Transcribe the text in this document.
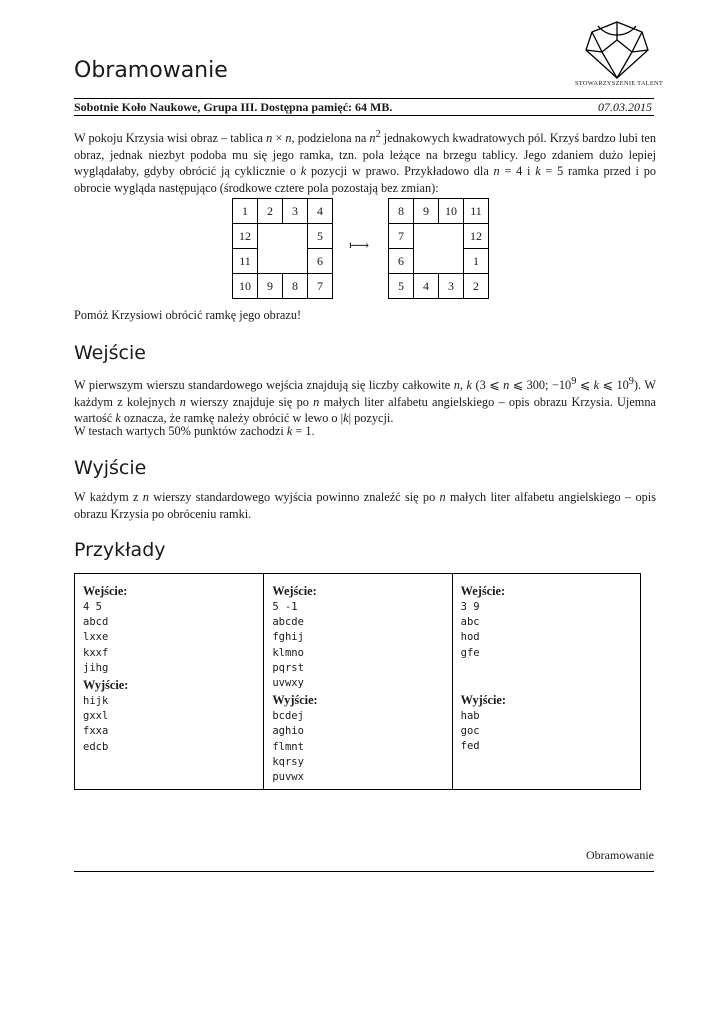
Obramowanie
STOWARZYSZENIE TALENT
Sobotnie Koło Naukowe, Grupa III. Dostępna pamięć: 64 MB.	07.03.2015
W pokoju Krzysia wisi obraz – tablica n × n, podzielona na $n^2$ jednakowych kwadratowych pól. Krzyś bardzo lubi ten obraz, jednak niezbyt podoba mu się jego ramka, tzn. pola leżące na brzegu tablicy. Jego zdaniem dużo lepiej wyglądałaby, gdyby obrócić ją cyklicznie o k pozycji w prawo. Przykładowo dla n = 4 i k = 5 ramka przed i po obrocie wygląda następująco (środkowe cztere pola pozostają bez zmian):
1	2	3	4
12			5
11			6
10	9	8	7
⟼
8	9	10	11
7			12
6			1
5	4	3	2
Pomóż Krzysiowi obrócić ramkę jego obrazu!
Wejście
W pierwszym wierszu standardowego wejścia znajdują się liczby całkowite n, k (3 ⩽ n ⩽ 300; $-10^9$ ⩽ k ⩽ $10^9$). W każdym z kolejnych n wierszy znajduje się po n małych liter alfabetu angielskiego – opis obrazu Krzysia. Ujemna wartość k oznacza, że ramkę należy obrócić w lewo o |k| pozycji.
W testach wartych 50% punktów zachodzi k = 1.
Wyjście
W każdym z n wierszy standardowego wyjścia powinno znaleźć się po n małych liter alfabetu angielskiego – opis obrazu Krzysia po obróceniu ramki.
Przykłady
Wejście:
4 5
abcd
lxxe
kxxf
jihg
Wyjście:
hijk
gxxl
fxxa
edcb
Wejście:
5 -1
abcde
fghij
klmno
pqrst
uvwxy
Wyjście:
bcdej
aghio
flmnt
kqrsy
puvwx
Wejście:
3 9
abc
hod
gfe
Wyjście:
hab
goc
fed
Obramowanie
